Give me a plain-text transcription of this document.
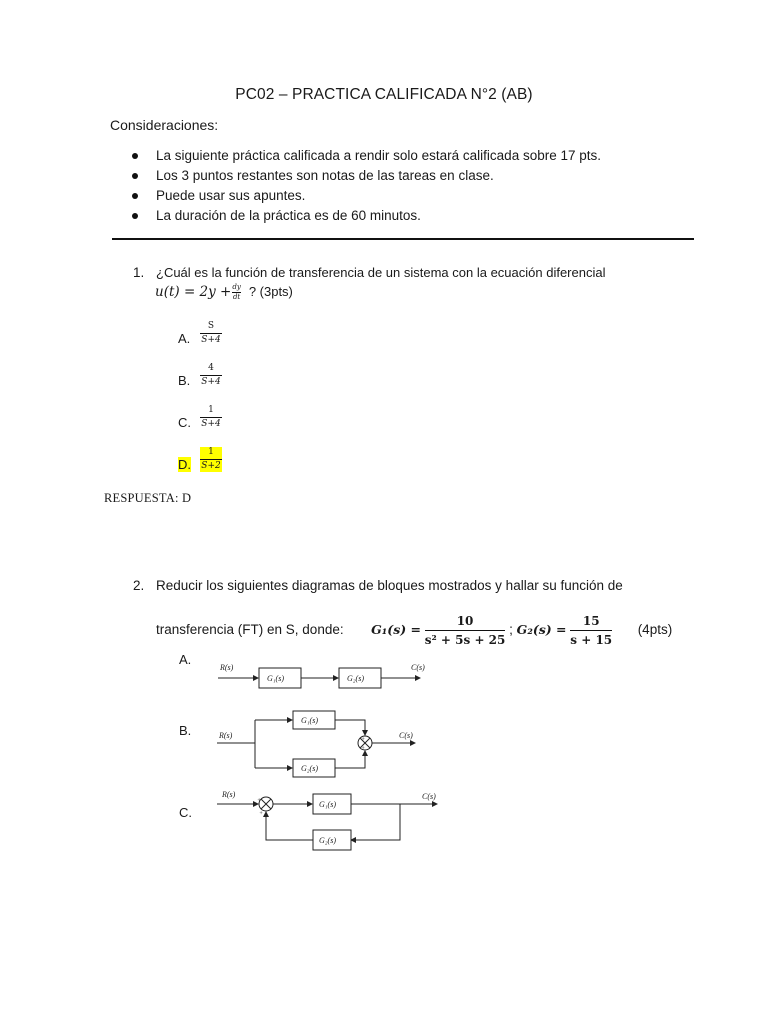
PC02 – PRACTICA CALIFICADA N°2 (AB)
Consideraciones:
La siguiente práctica calificada a rendir solo estará calificada sobre 17 pts.
Los 3 puntos restantes son notas de las tareas en clase.
Puede usar sus apuntes.
La duración de la práctica es de 60 minutos.
1. ¿Cuál es la función de transferencia de un sistema con la ecuación diferencial
$u(t) = 2y +\frac{dy}{dt}$ ? (3pts)
A.
S
S+4
B.
4
S+4
C.
1
S+4
D.
1
S+2
RESPUESTA: D
2. Reducir los siguientes diagramas de bloques mostrados y hallar su función de
transferencia (FT) en S, donde: $G_1(s) = \frac{10}{\text{s² + 5s + 25}}$ ; $G_2(s) = \frac{15}{s + 15} (4pts)$
A.
R(s)	C(s)
G₁(s)	G₂(s)
B.	R(s)	C(s)
G₁(s)
G₂(s)
+
+
C.
R(s)	C(s)
+
+
G₁(s)
G₂(s)
